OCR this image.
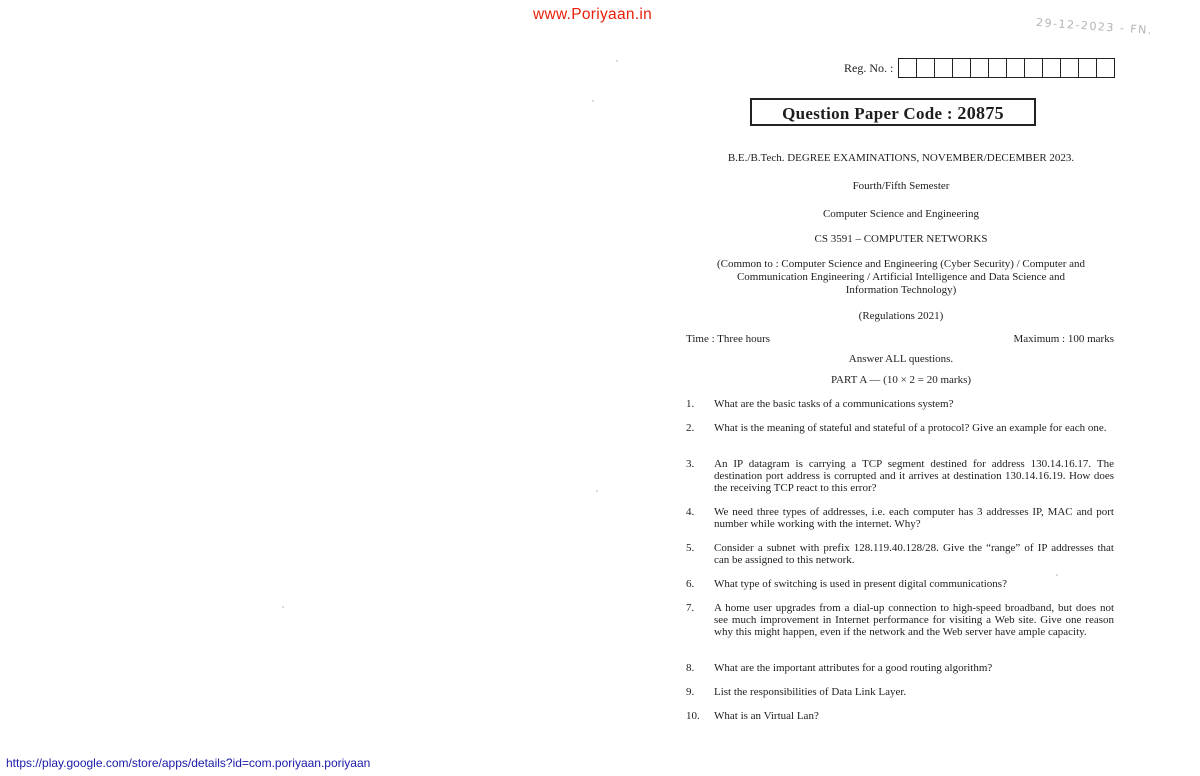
www.Poriyaan.in
29-12-2023 - FN.
Reg. No. :
Question Paper Code : 20875
B.E./B.Tech. DEGREE EXAMINATIONS, NOVEMBER/DECEMBER 2023.
Fourth/Fifth Semester
Computer Science and Engineering
CS 3591 – COMPUTER NETWORKS
(Common to : Computer Science and Engineering (Cyber Security) / Computer and
Communication Engineering / Artificial Intelligence and Data Science and
Information Technology)
(Regulations 2021)
Time : Three hours	Maximum : 100 marks
Answer ALL questions.
PART A — (10 × 2 = 20 marks)
1.	What are the basic tasks of a communications system?
2.	What is the meaning of stateful and stateful of a protocol? Give an example for each one.
3.	An IP datagram is carrying a TCP segment destined for address 130.14.16.17. The destination port address is corrupted and it arrives at destination 130.14.16.19. How does the receiving TCP react to this error?
4.	We need three types of addresses, i.e. each computer has 3 addresses IP, MAC and port number while working with the internet. Why?
5.	Consider a subnet with prefix 128.119.40.128/28. Give the “range” of IP addresses that can be assigned to this network.
6.	What type of switching is used in present digital communications?
7.	A home user upgrades from a dial-up connection to high-speed broadband, but does not see much improvement in Internet performance for visiting a Web site. Give one reason why this might happen, even if the network and the Web server have ample capacity.
8.	What are the important attributes for a good routing algorithm?
9.	List the responsibilities of Data Link Layer.
10.	What is an Virtual Lan?
https://play.google.com/store/apps/details?id=com.poriyaan.poriyaan
